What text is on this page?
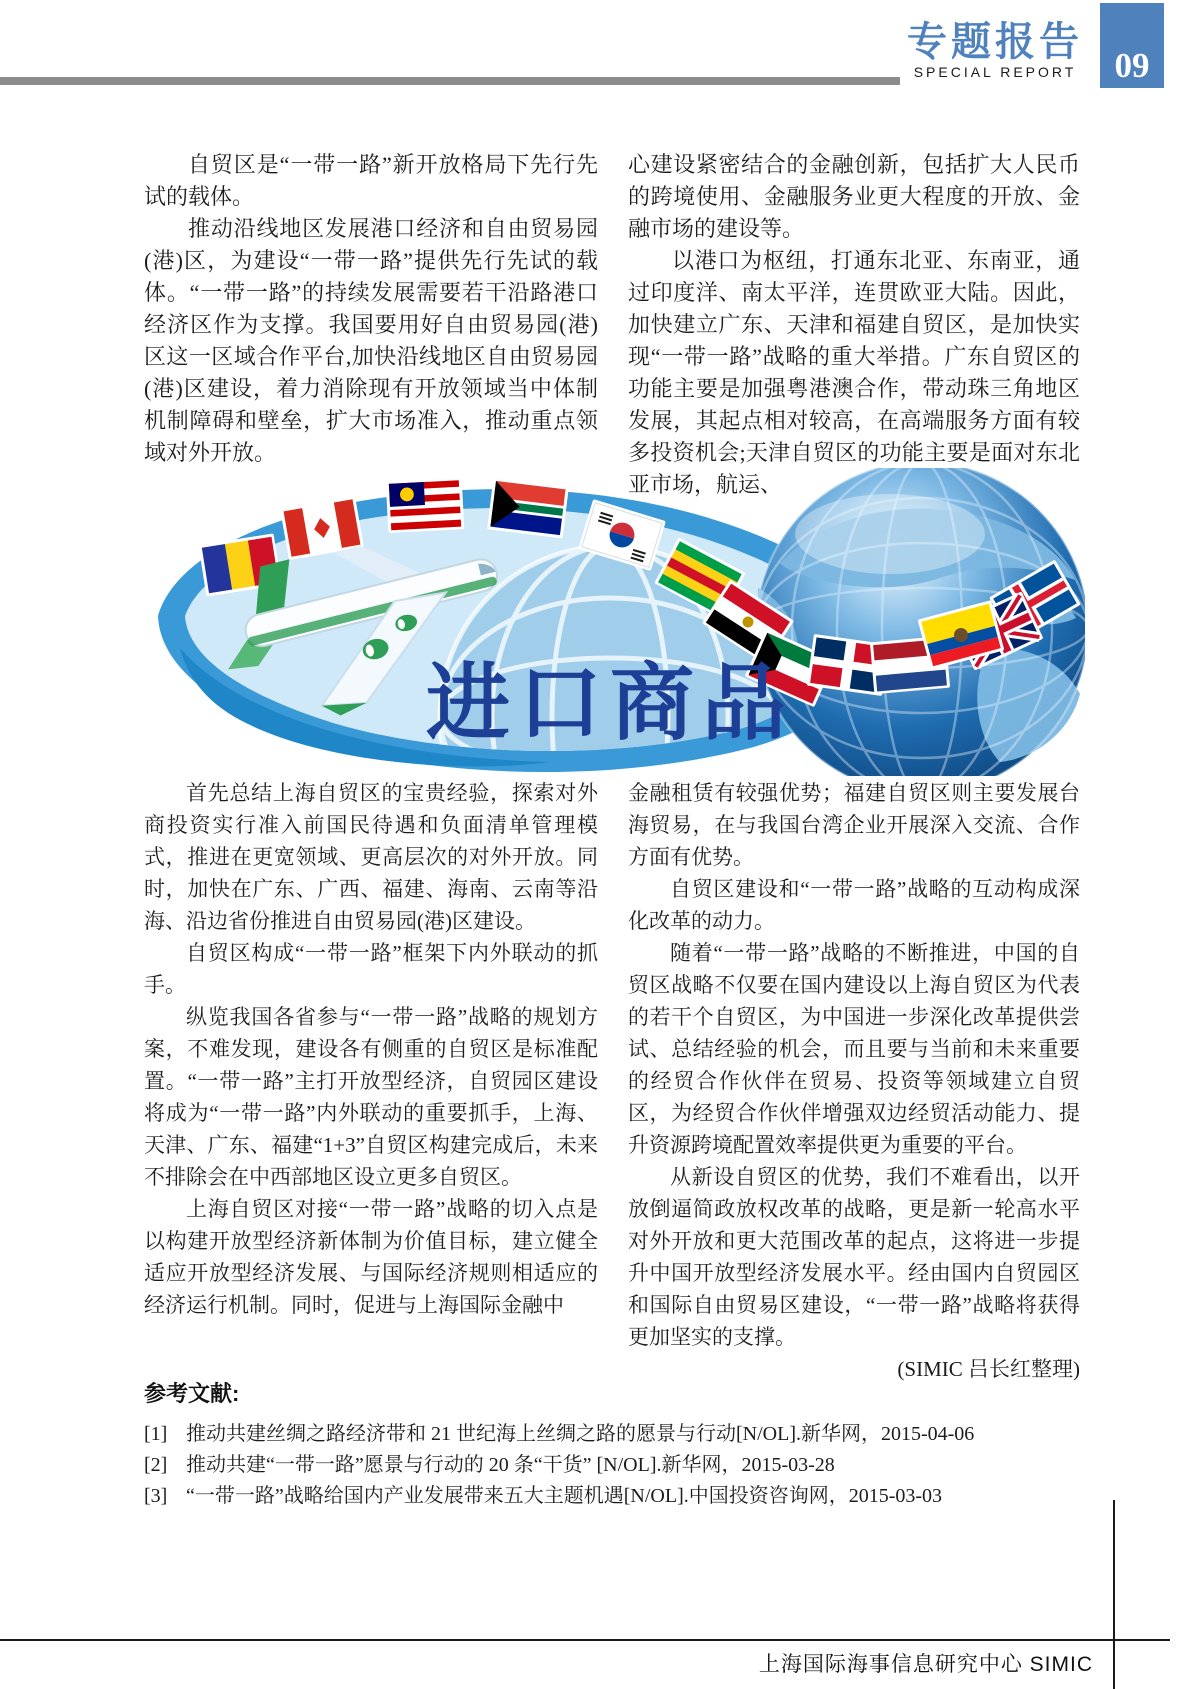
专题报告
SPECIAL REPORT	09

自贸区是“一带一路”新开放格局下先行先试的载体。

推动沿线地区发展港口经济和自由贸易园(港)区，为建设“一带一路”提供先行先试的载体。“一带一路”的持续发展需要若干沿路港口经济区作为支撑。我国要用好自由贸易园(港)区这一区域合作平台,加快沿线地区自由贸易园(港)区建设，着力消除现有开放领域当中体制机制障碍和壁垒，扩大市场准入，推动重点领域对外开放。

心建设紧密结合的金融创新，包括扩大人民币的跨境使用、金融服务业更大程度的开放、金融市场的建设等。

以港口为枢纽，打通东北亚、东南亚，通过印度洋、南太平洋，连贯欧亚大陆。因此，加快建立广东、天津和福建自贸区，是加快实现“一带一路”战略的重大举措。广东自贸区的功能主要是加强粤港澳合作，带动珠三角地区发展，其起点相对较高，在高端服务方面有较多投资机会;天津自贸区的功能主要是面对东北亚市场，航运、

进口商品

首先总结上海自贸区的宝贵经验，探索对外商投资实行准入前国民待遇和负面清单管理模式，推进在更宽领域、更高层次的对外开放。同时，加快在广东、广西、福建、海南、云南等沿海、沿边省份推进自由贸易园(港)区建设。

自贸区构成“一带一路”框架下内外联动的抓手。

纵览我国各省参与“一带一路”战略的规划方案，不难发现，建设各有侧重的自贸区是标准配置。“一带一路”主打开放型经济，自贸园区建设将成为“一带一路”内外联动的重要抓手，上海、天津、广东、福建“1+3”自贸区构建完成后，未来不排除会在中西部地区设立更多自贸区。

上海自贸区对接“一带一路”战略的切入点是以构建开放型经济新体制为价值目标，建立健全适应开放型经济发展、与国际经济规则相适应的经济运行机制。同时，促进与上海国际金融中

金融租赁有较强优势；福建自贸区则主要发展台海贸易，在与我国台湾企业开展深入交流、合作方面有优势。

自贸区建设和“一带一路”战略的互动构成深化改革的动力。

随着“一带一路”战略的不断推进，中国的自贸区战略不仅要在国内建设以上海自贸区为代表的若干个自贸区，为中国进一步深化改革提供尝试、总结经验的机会，而且要与当前和未来重要的经贸合作伙伴在贸易、投资等领域建立自贸区，为经贸合作伙伴增强双边经贸活动能力、提升资源跨境配置效率提供更为重要的平台。

从新设自贸区的优势，我们不难看出，以开放倒逼简政放权改革的战略，更是新一轮高水平对外开放和更大范围改革的起点，这将进一步提升中国开放型经济发展水平。经由国内自贸园区和国际自由贸易区建设，“一带一路”战略将获得更加坚实的支撑。

(SIMIC 吕长红整理)

参考文献:

[1] 推动共建丝绸之路经济带和 21 世纪海上丝绸之路的愿景与行动[N/OL].新华网，2015-04-06
[2] 推动共建“一带一路”愿景与行动的 20 条“干货” [N/OL].新华网，2015-03-28
[3] “一带一路”战略给国内产业发展带来五大主题机遇[N/OL].中国投资咨询网，2015-03-03
上海国际海事信息研究中心 SIMIC
